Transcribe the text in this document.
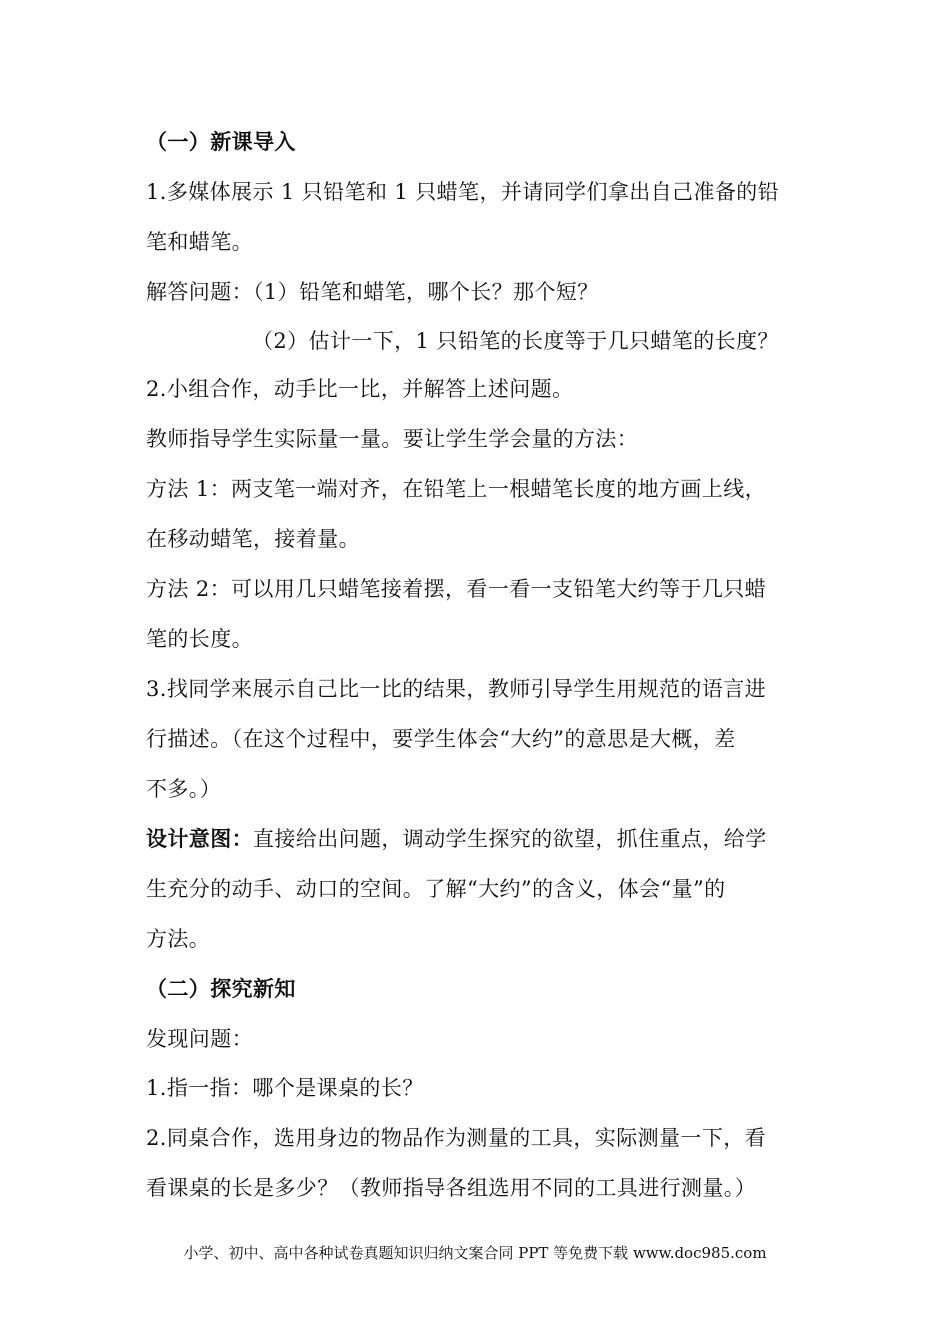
（一）新课导入
1.多媒体展示 1 只铅笔和 1 只蜡笔，并请同学们拿出自己准备的铅
笔和蜡笔。
解答问题：（1）铅笔和蜡笔，哪个长？那个短？
（2）估计一下，1 只铅笔的长度等于几只蜡笔的长度？
2.小组合作，动手比一比，并解答上述问题。
教师指导学生实际量一量。要让学生学会量的方法：
方法 1：两支笔一端对齐，在铅笔上一根蜡笔长度的地方画上线，
在移动蜡笔，接着量。
方法 2：可以用几只蜡笔接着摆，看一看一支铅笔大约等于几只蜡
笔的长度。
3.找同学来展示自己比一比的结果，教师引导学生用规范的语言进
行描述。（在这个过程中，要学生体会“大约”的意思是大概，差
不多。）
设计意图：直接给出问题，调动学生探究的欲望，抓住重点，给学
生充分的动手、动口的空间。了解“大约”的含义，体会“量”的
方法。
（二）探究新知
发现问题：
1.指一指：哪个是课桌的长？
2.同桌合作，选用身边的物品作为测量的工具，实际测量一下，看
看课桌的长是多少？（教师指导各组选用不同的工具进行测量。）
小学、初中、高中各种试卷真题知识归纳文案合同 PPT 等免费下载 www.doc985.com
